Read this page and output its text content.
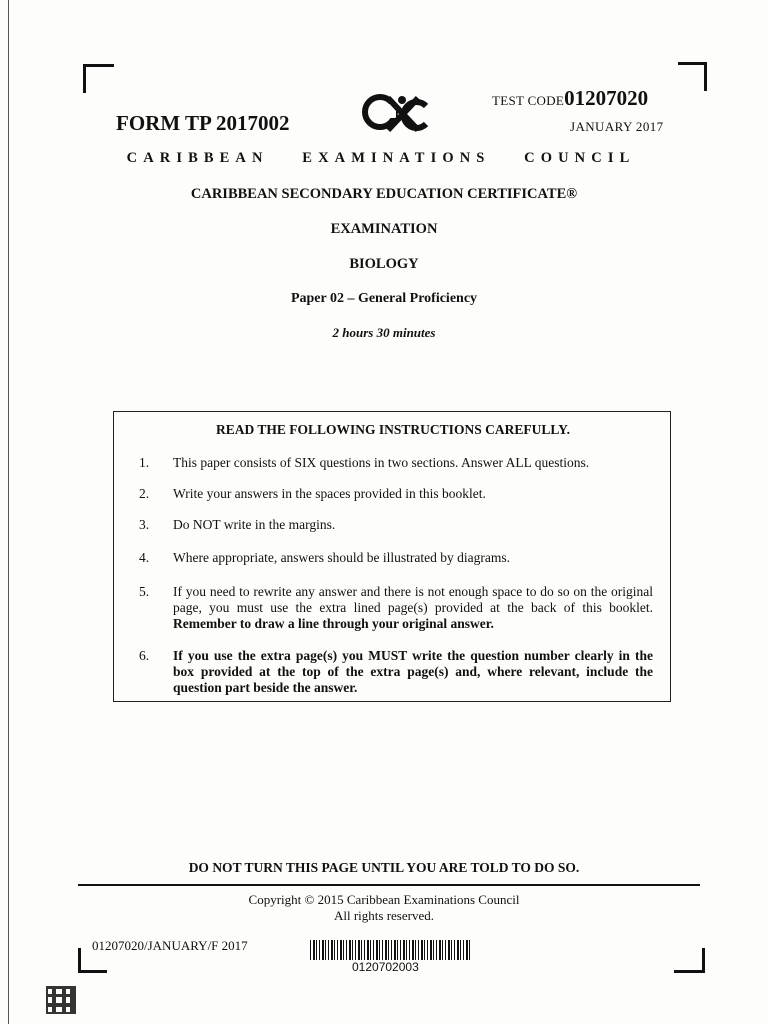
FORM TP 2017002
CXC
TEST CODE01207020
JANUARY 2017
CARIBBEAN EXAMINATIONS COUNCIL
CARIBBEAN SECONDARY EDUCATION CERTIFICATE®
EXAMINATION
BIOLOGY
Paper 02 – General Proficiency
2 hours 30 minutes
READ THE FOLLOWING INSTRUCTIONS CAREFULLY.
1. This paper consists of SIX questions in two sections. Answer ALL questions.
2. Write your answers in the spaces provided in this booklet.
3. Do NOT write in the margins.
4. Where appropriate, answers should be illustrated by diagrams.
5. If you need to rewrite any answer and there is not enough space to do so on the original page, you must use the extra lined page(s) provided at the back of this booklet. Remember to draw a line through your original answer.
6. If you use the extra page(s) you MUST write the question number clearly in the box provided at the top of the extra page(s) and, where relevant, include the question part beside the answer.
DO NOT TURN THIS PAGE UNTIL YOU ARE TOLD TO DO SO.
Copyright © 2015 Caribbean Examinations Council
All rights reserved.
01207020/JANUARY/F 2017
0120702003
